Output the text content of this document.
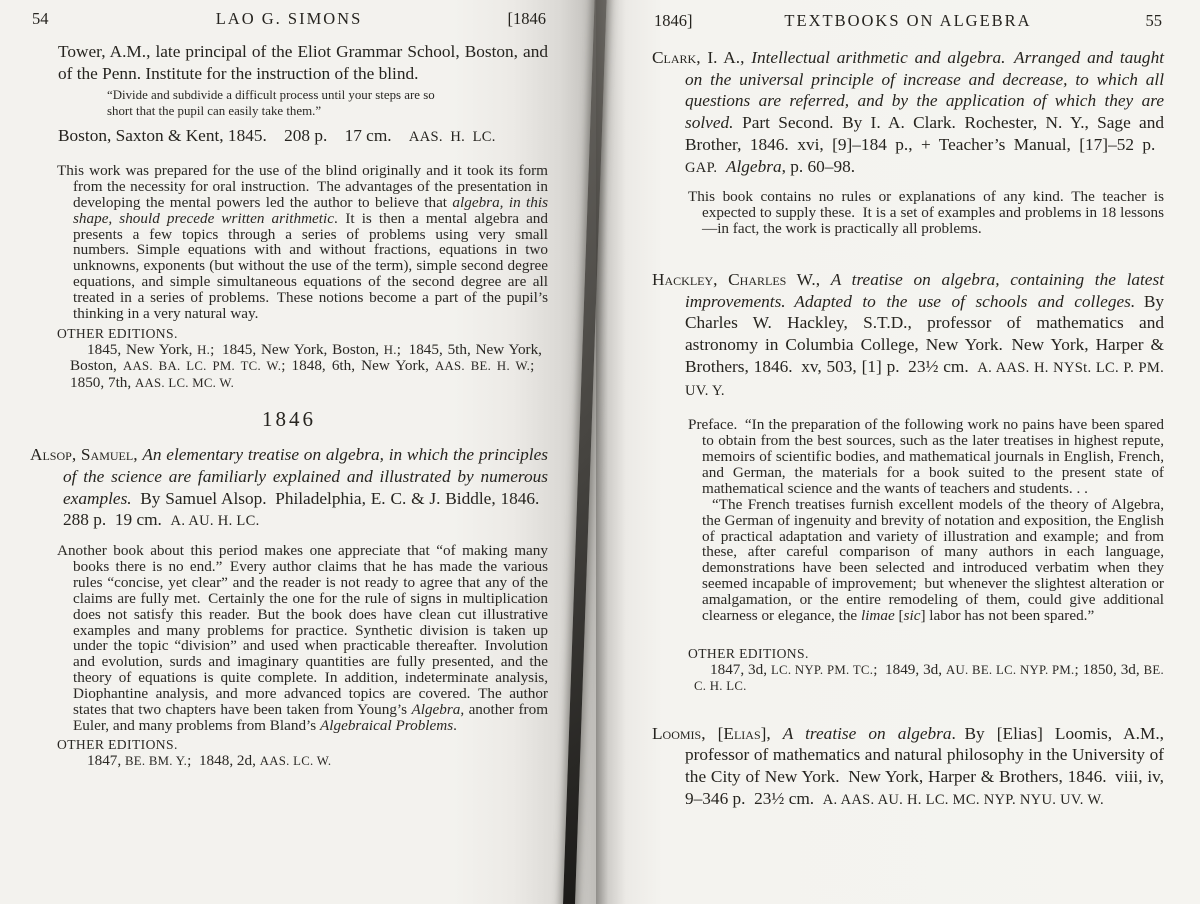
54	LAO G. SIMONS	[1846
Tower, A.M., late principal of the Eliot Grammar School, Boston, and of the Penn. Institute for the instruction of the blind.
“Divide and subdivide a difficult process until your steps are so short that the pupil can easily take them.”
Boston, Saxton & Kent, 1845.  208 p.  17 cm.  AAS. H. LC.
This work was prepared for the use of the blind originally and it took its form from the necessity for oral instruction. The advantages of the presentation in developing the mental powers led the author to believe that algebra, in this shape, should precede written arithmetic. It is then a mental algebra and presents a few topics through a series of problems using very small numbers. Simple equations with and without fractions, equations in two unknowns, exponents (but without the use of the term), simple second degree equations, and simple simultaneous equations of the second degree are all treated in a series of problems. These notions become a part of the pupil’s thinking in a very natural way.
OTHER EDITIONS.
1845, New York, H.; 1845, New York, Boston, H.; 1845, 5th, New York, Boston, AAS. BA. LC. PM. TC. W.; 1848, 6th, New York, AAS. BE. H. W.; 1850, 7th, AAS. LC. MC. W.
1846
Alsop, Samuel, An elementary treatise on algebra, in which the principles of the science are familiarly explained and illustrated by numerous examples. By Samuel Alsop. Philadelphia, E. C. & J. Biddle, 1846. 288 p. 19 cm. A. AU. H. LC.
Another book about this period makes one appreciate that “of making many books there is no end.” Every author claims that he has made the various rules “concise, yet clear” and the reader is not ready to agree that any of the claims are fully met. Certainly the one for the rule of signs in multiplication does not satisfy this reader. But the book does have clean cut illustrative examples and many problems for practice. Synthetic division is taken up under the topic “division” and used when practicable thereafter. Involution and evolution, surds and imaginary quantities are fully presented, and the theory of equations is quite complete. In addition, indeterminate analysis, Diophantine analysis, and more advanced topics are covered. The author states that two chapters have been taken from Young’s Algebra, another from Euler, and many problems from Bland’s Algebraical Problems.
OTHER EDITIONS.
1847, BE. BM. Y.; 1848, 2d, AAS. LC. W.
1846]	TEXTBOOKS ON ALGEBRA	55
Clark, I. A., Intellectual arithmetic and algebra. Arranged and taught on the universal principle of increase and decrease, to which all questions are referred, and by the application of which they are solved. Part Second. By I. A. Clark. Rochester, N. Y., Sage and Brother, 1846. xvi, [9]–184 p., + Teacher’s Manual, [17]–52 p. GAP.  Algebra, p. 60–98.
This book contains no rules or explanations of any kind. The teacher is expected to supply these. It is a set of examples and problems in 18 lessons—in fact, the work is practically all problems.
Hackley, Charles W., A treatise on algebra, containing the latest improvements. Adapted to the use of schools and colleges. By Charles W. Hackley, S.T.D., professor of mathematics and astronomy in Columbia College, New York. New York, Harper & Brothers, 1846. xv, 503, [1] p. 23½ cm. A. AAS. H. NYSt. LC. P. PM. UV. Y.
Preface. “In the preparation of the following work no pains have been spared to obtain from the best sources, such as the later treatises in highest repute, memoirs of scientific bodies, and mathematical journals in English, French, and German, the materials for a book suited to the present state of mathematical science and the wants of teachers and students. . .
“The French treatises furnish excellent models of the theory of Algebra, the German of ingenuity and brevity of notation and exposition, the English of practical adaptation and variety of illustration and example; and from these, after careful comparison of many authors in each language, demonstrations have been selected and introduced verbatim when they seemed incapable of improvement; but whenever the slightest alteration or amalgamation, or the entire remodeling of them, could give additional clearness or elegance, the limae [sic] labor has not been spared.”
OTHER EDITIONS.
1847, 3d, LC. NYP. PM. TC.; 1849, 3d, AU. BE. LC. NYP. PM.; 1850, 3d, BE. C. H. LC.
Loomis, [Elias], A treatise on algebra. By [Elias] Loomis, A.M., professor of mathematics and natural philosophy in the University of the City of New York. New York, Harper & Brothers, 1846. viii, iv, 9–346 p. 23½ cm. A. AAS. AU. H. LC. MC. NYP. NYU. UV. W.
